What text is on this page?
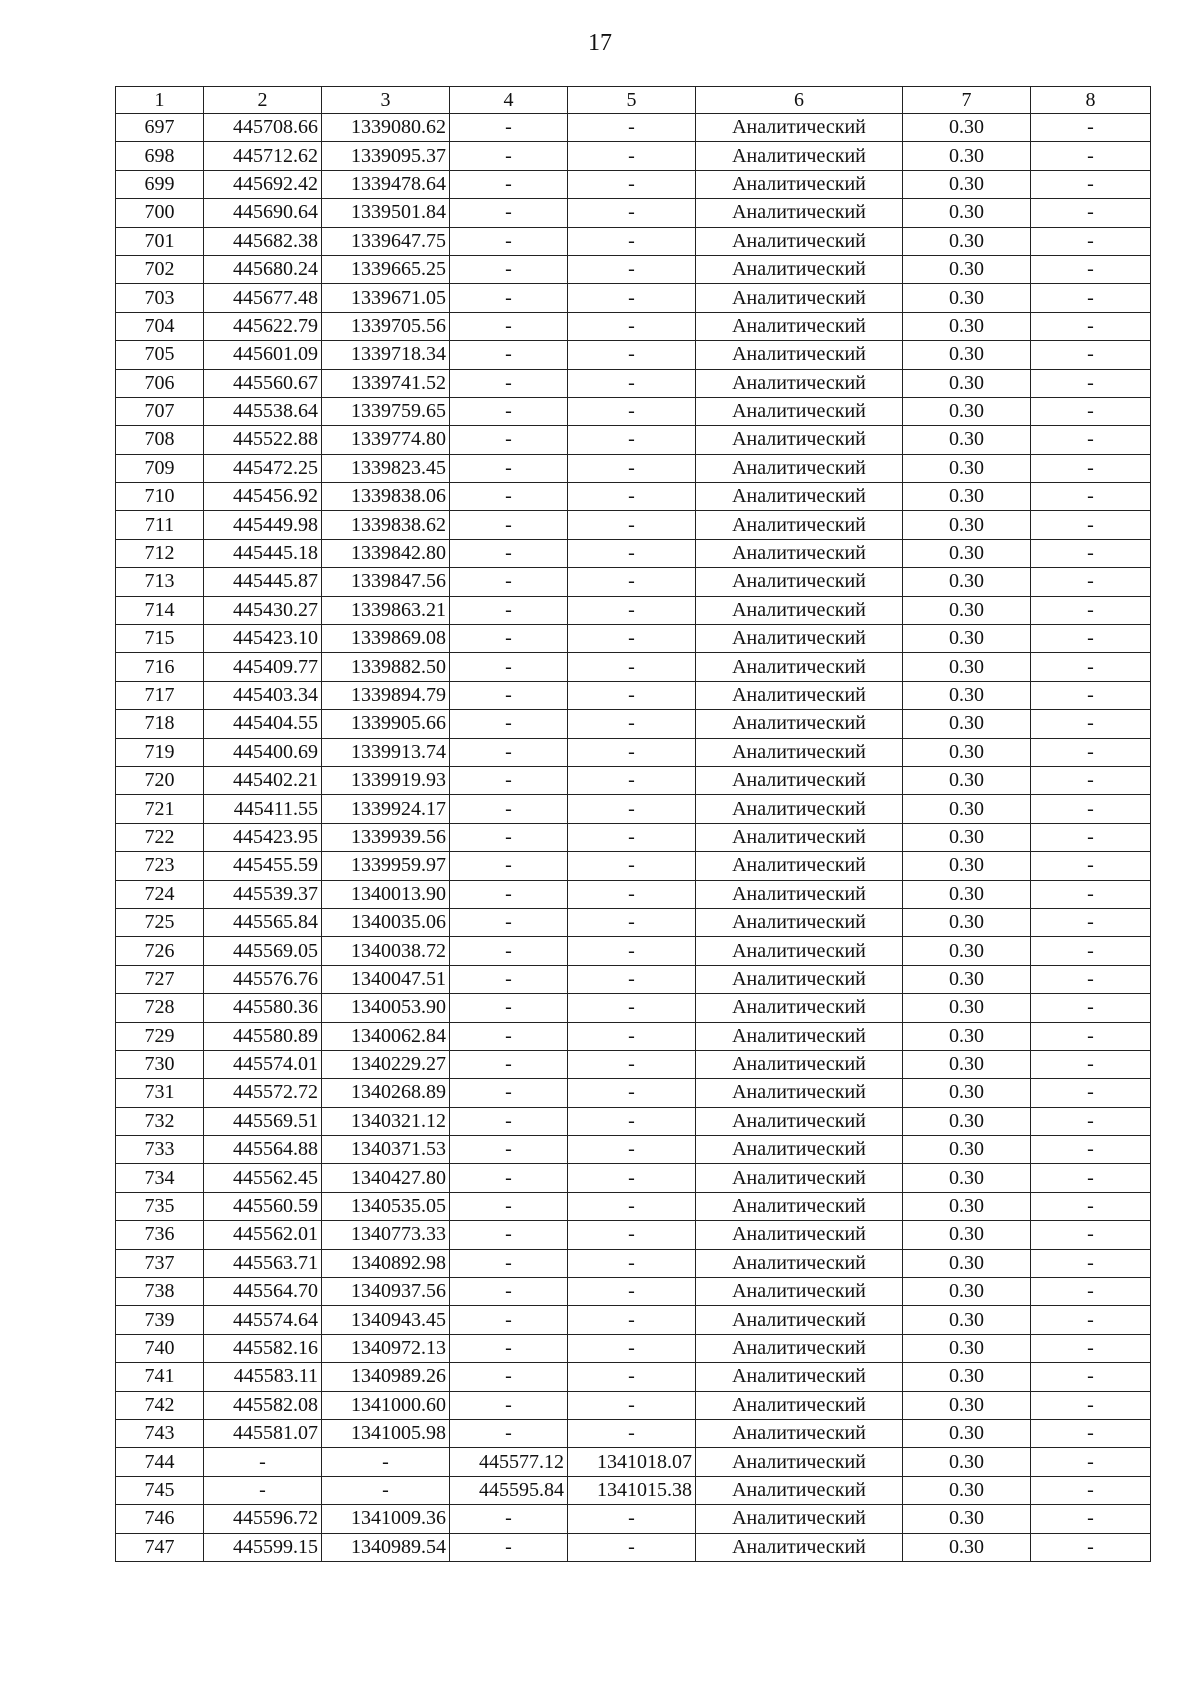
17
1	2	3	4	5	6	7	8
697	445708.66	1339080.62	-	-	Аналитический	0.30	-
698	445712.62	1339095.37	-	-	Аналитический	0.30	-
699	445692.42	1339478.64	-	-	Аналитический	0.30	-
700	445690.64	1339501.84	-	-	Аналитический	0.30	-
701	445682.38	1339647.75	-	-	Аналитический	0.30	-
702	445680.24	1339665.25	-	-	Аналитический	0.30	-
703	445677.48	1339671.05	-	-	Аналитический	0.30	-
704	445622.79	1339705.56	-	-	Аналитический	0.30	-
705	445601.09	1339718.34	-	-	Аналитический	0.30	-
706	445560.67	1339741.52	-	-	Аналитический	0.30	-
707	445538.64	1339759.65	-	-	Аналитический	0.30	-
708	445522.88	1339774.80	-	-	Аналитический	0.30	-
709	445472.25	1339823.45	-	-	Аналитический	0.30	-
710	445456.92	1339838.06	-	-	Аналитический	0.30	-
711	445449.98	1339838.62	-	-	Аналитический	0.30	-
712	445445.18	1339842.80	-	-	Аналитический	0.30	-
713	445445.87	1339847.56	-	-	Аналитический	0.30	-
714	445430.27	1339863.21	-	-	Аналитический	0.30	-
715	445423.10	1339869.08	-	-	Аналитический	0.30	-
716	445409.77	1339882.50	-	-	Аналитический	0.30	-
717	445403.34	1339894.79	-	-	Аналитический	0.30	-
718	445404.55	1339905.66	-	-	Аналитический	0.30	-
719	445400.69	1339913.74	-	-	Аналитический	0.30	-
720	445402.21	1339919.93	-	-	Аналитический	0.30	-
721	445411.55	1339924.17	-	-	Аналитический	0.30	-
722	445423.95	1339939.56	-	-	Аналитический	0.30	-
723	445455.59	1339959.97	-	-	Аналитический	0.30	-
724	445539.37	1340013.90	-	-	Аналитический	0.30	-
725	445565.84	1340035.06	-	-	Аналитический	0.30	-
726	445569.05	1340038.72	-	-	Аналитический	0.30	-
727	445576.76	1340047.51	-	-	Аналитический	0.30	-
728	445580.36	1340053.90	-	-	Аналитический	0.30	-
729	445580.89	1340062.84	-	-	Аналитический	0.30	-
730	445574.01	1340229.27	-	-	Аналитический	0.30	-
731	445572.72	1340268.89	-	-	Аналитический	0.30	-
732	445569.51	1340321.12	-	-	Аналитический	0.30	-
733	445564.88	1340371.53	-	-	Аналитический	0.30	-
734	445562.45	1340427.80	-	-	Аналитический	0.30	-
735	445560.59	1340535.05	-	-	Аналитический	0.30	-
736	445562.01	1340773.33	-	-	Аналитический	0.30	-
737	445563.71	1340892.98	-	-	Аналитический	0.30	-
738	445564.70	1340937.56	-	-	Аналитический	0.30	-
739	445574.64	1340943.45	-	-	Аналитический	0.30	-
740	445582.16	1340972.13	-	-	Аналитический	0.30	-
741	445583.11	1340989.26	-	-	Аналитический	0.30	-
742	445582.08	1341000.60	-	-	Аналитический	0.30	-
743	445581.07	1341005.98	-	-	Аналитический	0.30	-
744	-	-	445577.12	1341018.07	Аналитический	0.30	-
745	-	-	445595.84	1341015.38	Аналитический	0.30	-
746	445596.72	1341009.36	-	-	Аналитический	0.30	-
747	445599.15	1340989.54	-	-	Аналитический	0.30	-
